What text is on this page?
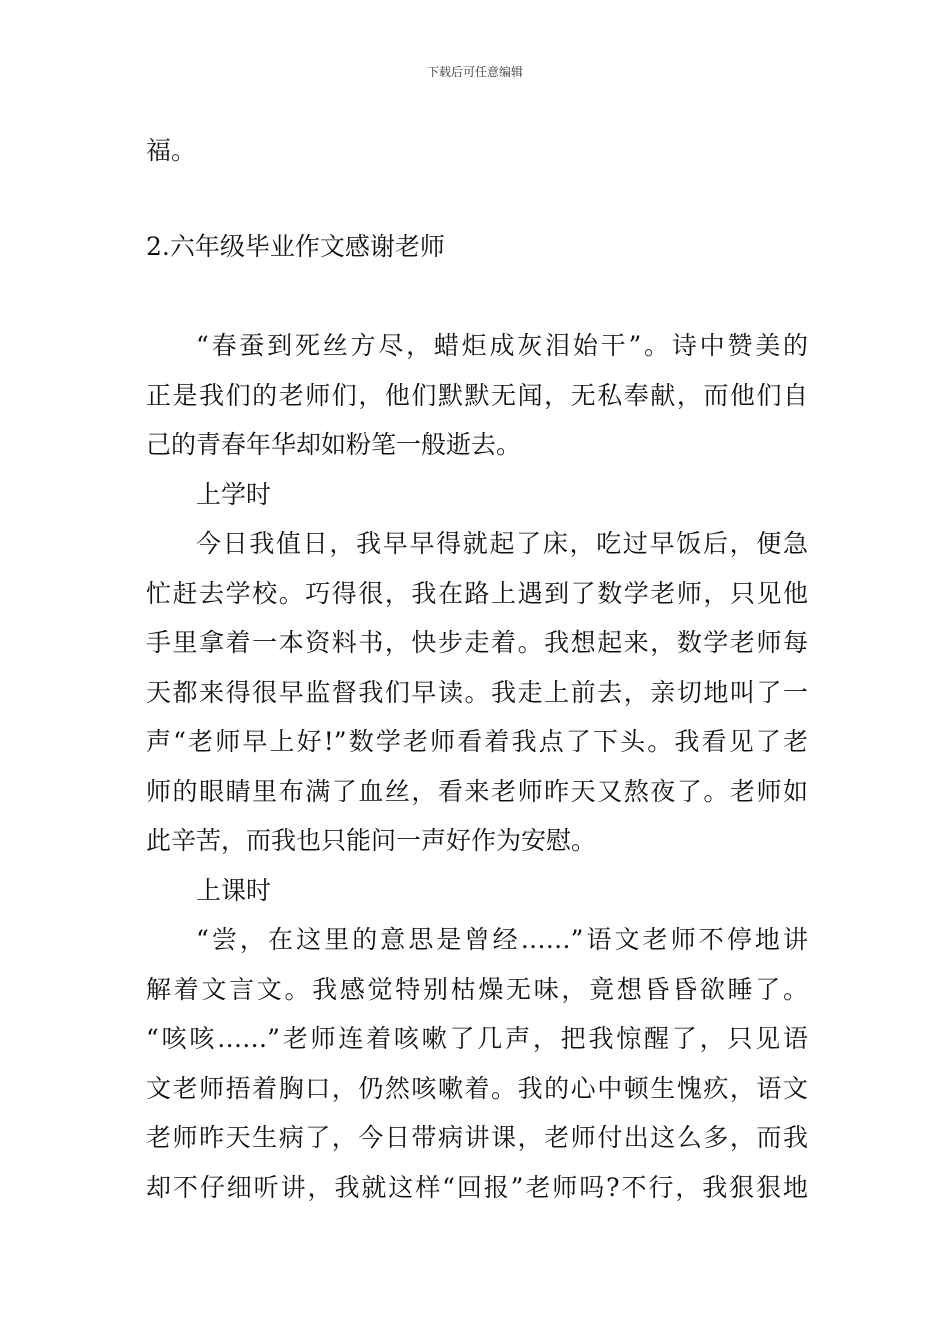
下载后可任意编辑
福。
2.六年级毕业作文感谢老师
“春蚕到死丝方尽，蜡炬成灰泪始干”。诗中赞美的
正是我们的老师们，他们默默无闻，无私奉献，而他们自
己的青春年华却如粉笔一般逝去。
上学时
今日我值日，我早早得就起了床，吃过早饭后，便急
忙赶去学校。巧得很，我在路上遇到了数学老师，只见他
手里拿着一本资料书，快步走着。我想起来，数学老师每
天都来得很早监督我们早读。我走上前去，亲切地叫了一
声“老师早上好!”数学老师看着我点了下头。我看见了老
师的眼睛里布满了血丝，看来老师昨天又熬夜了。老师如
此辛苦，而我也只能问一声好作为安慰。
上课时
“尝，在这里的意思是曾经……”语文老师不停地讲
解着文言文。我感觉特别枯燥无味，竟想昏昏欲睡了。
“咳咳……”老师连着咳嗽了几声，把我惊醒了，只见语
文老师捂着胸口，仍然咳嗽着。我的心中顿生愧疚，语文
老师昨天生病了，今日带病讲课，老师付出这么多，而我
却不仔细听讲，我就这样“回报”老师吗?不行，我狠狠地
